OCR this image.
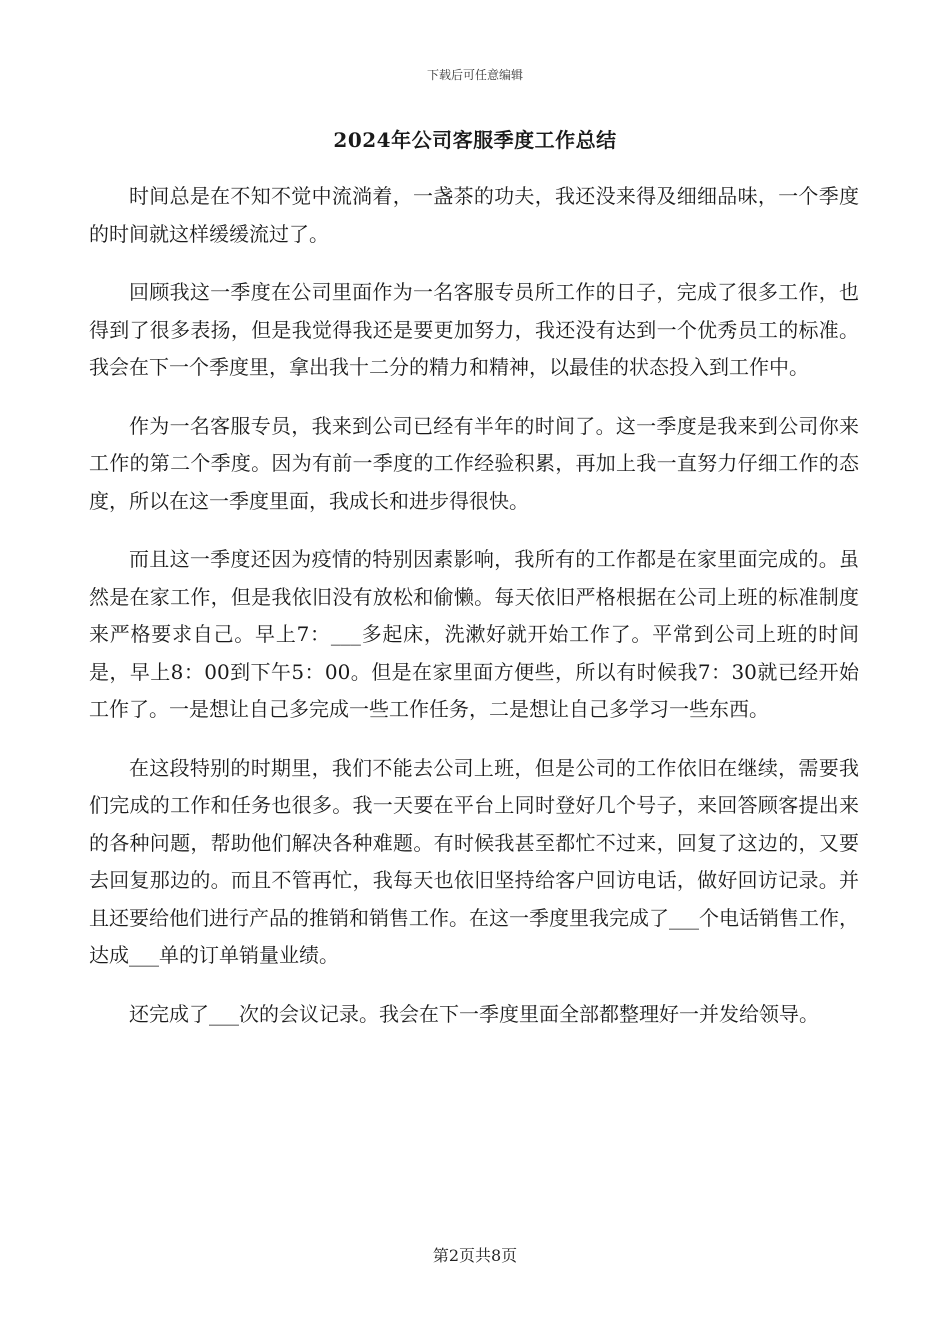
下载后可任意编辑
2024年公司客服季度工作总结

时间总是在不知不觉中流淌着，一盏茶的功夫，我还没来得及细细品味，一个季度的时间就这样缓缓流过了。

回顾我这一季度在公司里面作为一名客服专员所工作的日子，完成了很多工作，也得到了很多表扬，但是我觉得我还是要更加努力，我还没有达到一个优秀员工的标准。我会在下一个季度里，拿出我十二分的精力和精神，以最佳的状态投入到工作中。

作为一名客服专员，我来到公司已经有半年的时间了。这一季度是我来到公司你来工作的第二个季度。因为有前一季度的工作经验积累，再加上我一直努力仔细工作的态度，所以在这一季度里面，我成长和进步得很快。

而且这一季度还因为疫情的特别因素影响，我所有的工作都是在家里面完成的。虽然是在家工作，但是我依旧没有放松和偷懒。每天依旧严格根据在公司上班的标准制度来严格要求自己。早上7：___多起床，洗漱好就开始工作了。平常到公司上班的时间是，早上8：00到下午5：00。但是在家里面方便些，所以有时候我7：30就已经开始工作了。一是想让自己多完成一些工作任务，二是想让自己多学习一些东西。

在这段特别的时期里，我们不能去公司上班，但是公司的工作依旧在继续，需要我们完成的工作和任务也很多。我一天要在平台上同时登好几个号子，来回答顾客提出来的各种问题，帮助他们解决各种难题。有时候我甚至都忙不过来，回复了这边的，又要去回复那边的。而且不管再忙，我每天也依旧坚持给客户回访电话，做好回访记录。并且还要给他们进行产品的推销和销售工作。在这一季度里我完成了___个电话销售工作，达成___单的订单销量业绩。

还完成了___次的会议记录。我会在下一季度里面全部都整理好一并发给领导。

第2页共8页
